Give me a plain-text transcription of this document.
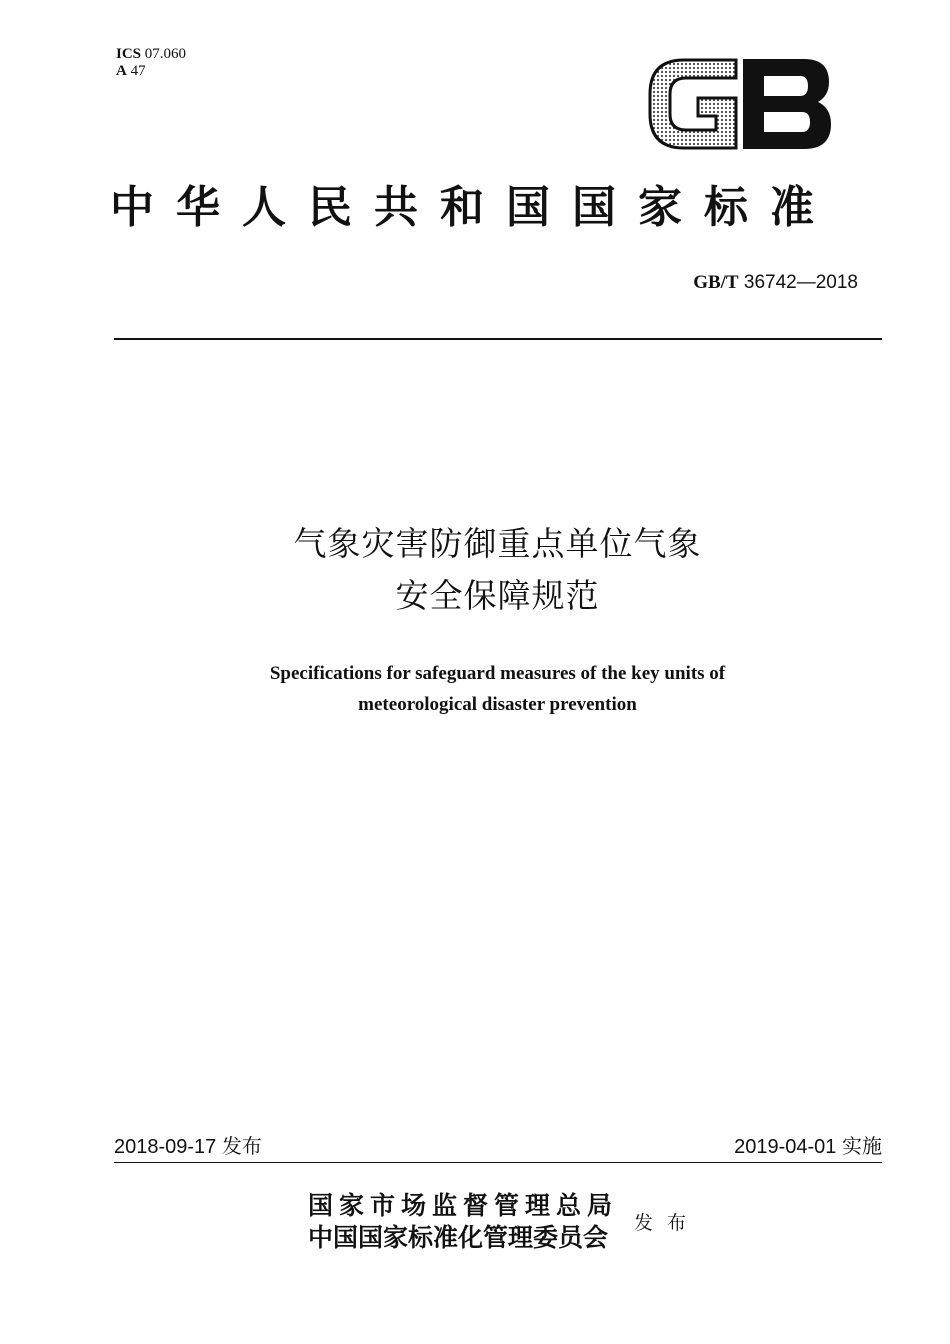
ICS 07.060
A 47
中华人民共和国国家标准
GB/T 36742—2018
气象灾害防御重点单位气象
安全保障规范
Specifications for safeguard measures of the key units of
meteorological disaster prevention
2018-09-17 发布	2019-04-01 实施
国家市场监督管理总局
中国国家标准化管理委员会	发布
